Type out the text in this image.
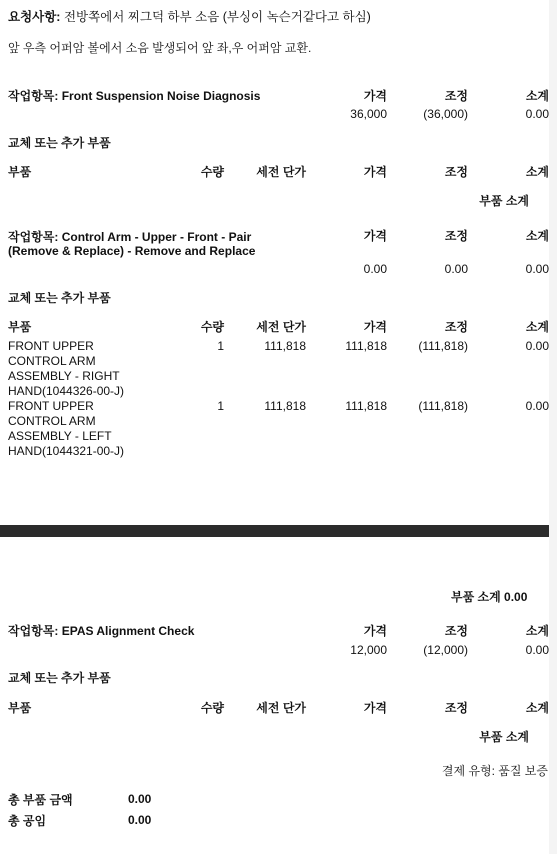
요청사항: 전방쪽에서 찌그덕 하부 소음 (부싱이 녹슨거같다고 하심)
앞 우측 어퍼암 볼에서 소음 발생되어 앞 좌,우 어퍼암 교환.
작업항목: Front Suspension Noise Diagnosis	가격	조정	소계
36,000	(36,000)	0.00
교체 또는 추가 부품
부품	수량	세전 단가	가격	조정	소계
부품 소계
작업항목: Control Arm - Upper - Front - Pair
(Remove & Replace) - Remove and Replace
가격	조정	소계
0.00	0.00	0.00
교체 또는 추가 부품
부품	수량	세전 단가	가격	조정	소계
FRONT UPPER CONTROL ARM ASSEMBLY - RIGHT HAND(1044326-00-J)
1	111,818	111,818	(111,818)	0.00
FRONT UPPER CONTROL ARM ASSEMBLY - LEFT HAND(1044321-00-J)
1	111,818	111,818	(111,818)	0.00
부품 소계 0.00
작업항목: EPAS Alignment Check	가격	조정	소계
12,000	(12,000)	0.00
교체 또는 추가 부품
부품	수량	세전 단가	가격	조정	소계
부품 소계
결제 유형: 품질 보증
총 부품 금액	0.00
총 공임	0.00
